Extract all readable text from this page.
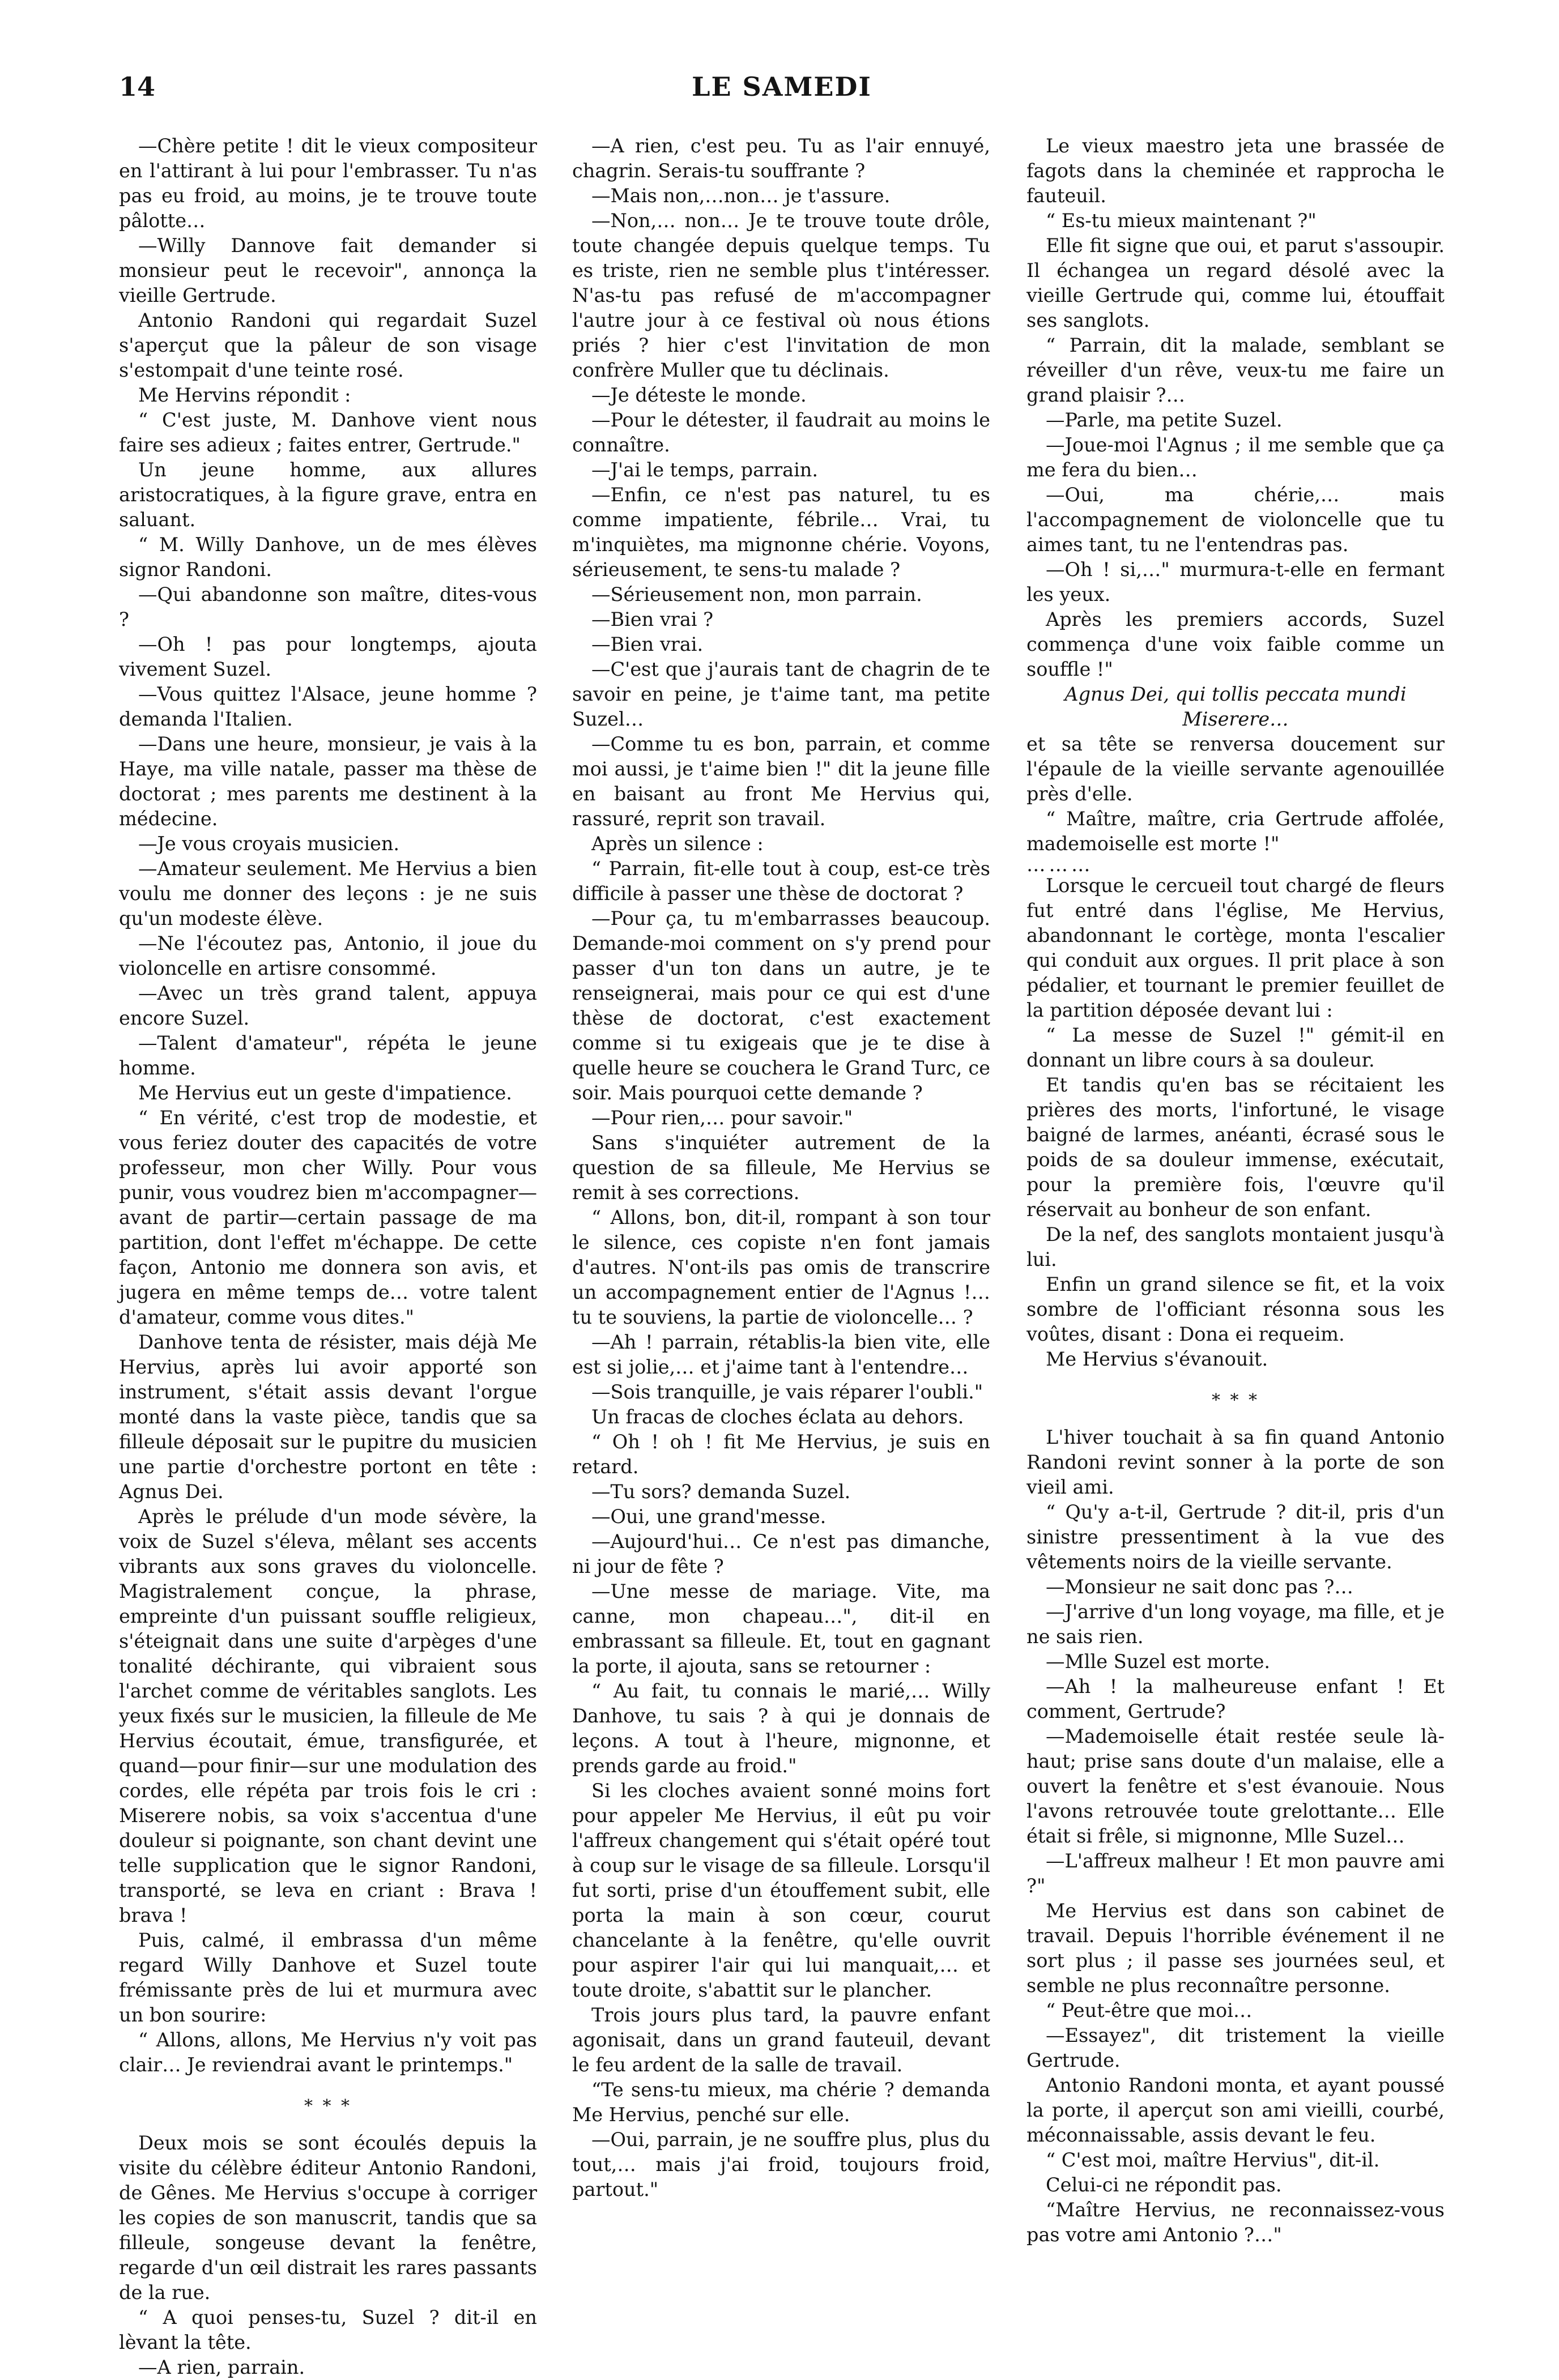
14	LE SAMEDI

—Chère petite ! dit le vieux compositeur en l'attirant à lui pour l'embrasser. Tu n'as pas eu froid, au moins, je te trouve toute pâlotte…

—Willy Dannove fait demander si monsieur peut le recevoir", annonça la vieille Gertrude.

Antonio Randoni qui regardait Suzel s'aperçut que la pâleur de son visage s'estompait d'une teinte rosé.

Me Hervins répondit :

“ C'est juste, M. Danhove vient nous faire ses adieux ; faites entrer, Gertrude."

Un jeune homme, aux allures aristocratiques, à la figure grave, entra en saluant.

“ M. Willy Danhove, un de mes élèves signor Randoni.

—Qui abandonne son maître, dites-vous ?

—Oh ! pas pour longtemps, ajouta vivement Suzel.

—Vous quittez l'Alsace, jeune homme ? demanda l'Italien.

—Dans une heure, monsieur, je vais à la Haye, ma ville natale, passer ma thèse de doctorat ; mes parents me destinent à la médecine.

—Je vous croyais musicien.

—Amateur seulement. Me Hervius a bien voulu me donner des leçons : je ne suis qu'un modeste élève.

—Ne l'écoutez pas, Antonio, il joue du violoncelle en artisre consommé.

—Avec un très grand talent, appuya encore Suzel.

—Talent d'amateur", répéta le jeune homme.

Me Hervius eut un geste d'impatience.

“ En vérité, c'est trop de modestie, et vous feriez douter des capacités de votre professeur, mon cher Willy. Pour vous punir, vous voudrez bien m'accompagner—avant de partir—certain passage de ma partition, dont l'effet m'échappe. De cette façon, Antonio me donnera son avis, et jugera en même temps de… votre talent d'amateur, comme vous dites."

Danhove tenta de résister, mais déjà Me Hervius, après lui avoir apporté son instrument, s'était assis devant l'orgue monté dans la vaste pièce, tandis que sa filleule déposait sur le pupitre du musicien une partie d'orchestre portont en tête : Agnus Dei.

Après le prélude d'un mode sévère, la voix de Suzel s'éleva, mêlant ses accents vibrants aux sons graves du violoncelle. Magistralement conçue, la phrase, empreinte d'un puissant souffle religieux, s'éteignait dans une suite d'arpèges d'une tonalité déchirante, qui vibraient sous l'archet comme de véritables sanglots. Les yeux fixés sur le musicien, la filleule de Me Hervius écoutait, émue, transfigurée, et quand—pour finir—sur une modulation des cordes, elle répéta par trois fois le cri : Miserere nobis, sa voix s'accentua d'une douleur si poignante, son chant devint une telle supplication que le signor Randoni, transporté, se leva en criant : Brava ! brava !

Puis, calmé, il embrassa d'un même regard Willy Danhove et Suzel toute frémissante près de lui et murmura avec un bon sourire:

“ Allons, allons, Me Hervius n'y voit pas clair… Je reviendrai avant le printemps."

* * *

Deux mois se sont écoulés depuis la visite du célèbre éditeur Antonio Randoni, de Gênes. Me Hervius s'occupe à corriger les copies de son manuscrit, tandis que sa filleule, songeuse devant la fenêtre, regarde d'un œil distrait les rares passants de la rue.

“ A quoi penses-tu, Suzel ? dit-il en lèvant la tête.

—A rien, parrain.

—A rien, c'est peu. Tu as l'air ennuyé, chagrin. Serais-tu souffrante ?

—Mais non,…non… je t'assure.

—Non,… non… Je te trouve toute drôle, toute changée depuis quelque temps. Tu es triste, rien ne semble plus t'intéresser. N'as-tu pas refusé de m'accompagner l'autre jour à ce festival où nous étions priés ? hier c'est l'invitation de mon confrère Muller que tu déclinais.

—Je déteste le monde.

—Pour le détester, il faudrait au moins le connaître.

—J'ai le temps, parrain.

—Enfin, ce n'est pas naturel, tu es comme impatiente, fébrile… Vrai, tu m'inquiètes, ma mignonne chérie. Voyons, sérieusement, te sens-tu malade ?

—Sérieusement non, mon parrain.

—Bien vrai ?

—Bien vrai.

—C'est que j'aurais tant de chagrin de te savoir en peine, je t'aime tant, ma petite Suzel…

—Comme tu es bon, parrain, et comme moi aussi, je t'aime bien !" dit la jeune fille en baisant au front Me Hervius qui, rassuré, reprit son travail.

Après un silence :

“ Parrain, fit-elle tout à coup, est-ce très difficile à passer une thèse de doctorat ?

—Pour ça, tu m'embarrasses beaucoup. Demande-moi comment on s'y prend pour passer d'un ton dans un autre, je te renseignerai, mais pour ce qui est d'une thèse de doctorat, c'est exactement comme si tu exigeais que je te dise à quelle heure se couchera le Grand Turc, ce soir. Mais pourquoi cette demande ?

—Pour rien,… pour savoir."

Sans s'inquiéter autrement de la question de sa filleule, Me Hervius se remit à ses corrections.

“ Allons, bon, dit-il, rompant à son tour le silence, ces copiste n'en font jamais d'autres. N'ont-ils pas omis de transcrire un accompagnement entier de l'Agnus !… tu te souviens, la partie de violoncelle… ?

—Ah ! parrain, rétablis-la bien vite, elle est si jolie,… et j'aime tant à l'entendre…

—Sois tranquille, je vais réparer l'oubli."

Un fracas de cloches éclata au dehors.

“ Oh ! oh ! fit Me Hervius, je suis en retard.

—Tu sors? demanda Suzel.

—Oui, une grand'messe.

—Aujourd'hui… Ce n'est pas dimanche, ni jour de fête ?

—Une messe de mariage. Vite, ma canne, mon chapeau…", dit-il en embrassant sa filleule. Et, tout en gagnant la porte, il ajouta, sans se retourner :

“ Au fait, tu connais le marié,… Willy Danhove, tu sais ? à qui je donnais de leçons. A tout à l'heure, mignonne, et prends garde au froid."

Si les cloches avaient sonné moins fort pour appeler Me Hervius, il eût pu voir l'affreux changement qui s'était opéré tout à coup sur le visage de sa filleule. Lorsqu'il fut sorti, prise d'un étouffement subit, elle porta la main à son cœur, courut chancelante à la fenêtre, qu'elle ouvrit pour aspirer l'air qui lui manquait,… et toute droite, s'abattit sur le plancher.

Trois jours plus tard, la pauvre enfant agonisait, dans un grand fauteuil, devant le feu ardent de la salle de travail.

“Te sens-tu mieux, ma chérie ? demanda Me Hervius, penché sur elle.

—Oui, parrain, je ne souffre plus, plus du tout,… mais j'ai froid, toujours froid, partout."

Le vieux maestro jeta une brassée de fagots dans la cheminée et rapprocha le fauteuil.

“ Es-tu mieux maintenant ?"

Elle fit signe que oui, et parut s'assoupir. Il échangea un regard désolé avec la vieille Gertrude qui, comme lui, étouffait ses sanglots.

“ Parrain, dit la malade, semblant se réveiller d'un rêve, veux-tu me faire un grand plaisir ?…

—Parle, ma petite Suzel.

—Joue-moi l'Agnus ; il me semble que ça me fera du bien…

—Oui, ma chérie,… mais l'accompagnement de violoncelle que tu aimes tant, tu ne l'entendras pas.

—Oh ! si,…" murmura-t-elle en fermant les yeux.

Après les premiers accords, Suzel commença d'une voix faible comme un souffle !"

Agnus Dei, qui tollis peccata mundi

Miserere…

et sa tête se renversa doucement sur l'épaule de la vieille servante agenouillée près d'elle.

“ Maître, maître, cria Gertrude affolée, mademoiselle est morte !"

………

Lorsque le cercueil tout chargé de fleurs fut entré dans l'église, Me Hervius, abandonnant le cortège, monta l'escalier qui conduit aux orgues. Il prit place à son pédalier, et tournant le premier feuillet de la partition déposée devant lui :

“ La messe de Suzel !" gémit-il en donnant un libre cours à sa douleur.

Et tandis qu'en bas se récitaient les prières des morts, l'infortuné, le visage baigné de larmes, anéanti, écrasé sous le poids de sa douleur immense, exécutait, pour la première fois, l'œuvre qu'il réservait au bonheur de son enfant.

De la nef, des sanglots montaient jusqu'à lui.

Enfin un grand silence se fit, et la voix sombre de l'officiant résonna sous les voûtes, disant : Dona ei requeim.

Me Hervius s'évanouit.

* * *

L'hiver touchait à sa fin quand Antonio Randoni revint sonner à la porte de son vieil ami.

“ Qu'y a-t-il, Gertrude ? dit-il, pris d'un sinistre pressentiment à la vue des vêtements noirs de la vieille servante.

—Monsieur ne sait donc pas ?…

—J'arrive d'un long voyage, ma fille, et je ne sais rien.

—Mlle Suzel est morte.

—Ah ! la malheureuse enfant ! Et comment, Gertrude?

—Mademoiselle était restée seule là-haut; prise sans doute d'un malaise, elle a ouvert la fenêtre et s'est évanouie. Nous l'avons retrouvée toute grelottante… Elle était si frêle, si mignonne, Mlle Suzel…

—L'affreux malheur ! Et mon pauvre ami ?"

Me Hervius est dans son cabinet de travail. Depuis l'horrible événement il ne sort plus ; il passe ses journées seul, et semble ne plus reconnaître personne.

“ Peut-être que moi…

—Essayez", dit tristement la vieille Gertrude.

Antonio Randoni monta, et ayant poussé la porte, il aperçut son ami vieilli, courbé, méconnaissable, assis devant le feu.

“ C'est moi, maître Hervius", dit-il.

Celui-ci ne répondit pas.

“Maître Hervius, ne reconnaissez-vous pas votre ami Antonio ?…"
